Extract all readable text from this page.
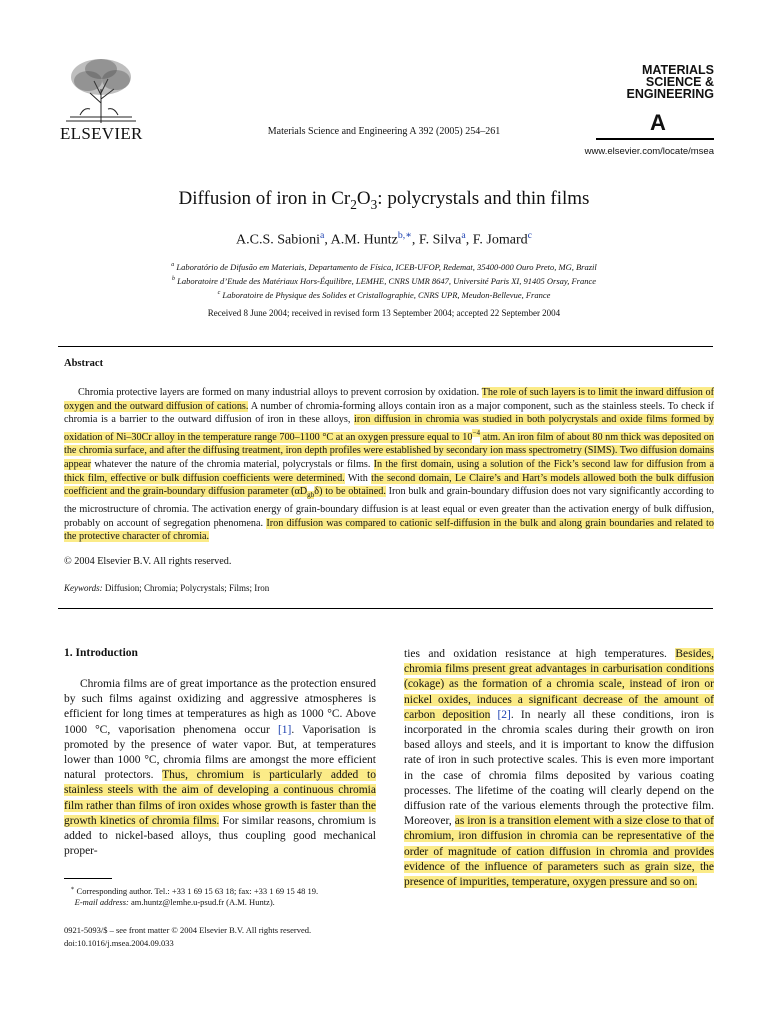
ELSEVIER	Materials Science and Engineering A 392 (2005) 254–261
MATERIALS
SCIENCE &
ENGINEERING
A
www.elsevier.com/locate/msea
Diffusion of iron in $Cr_2O_3$: polycrystals and thin films
A.C.S. Sabioni$^a$, A.M. Huntz$^{b,∗}$, F. Silva$^a$, F. Jomard$^c$
$^a$ Laboratório de Difusão em Materiais, Departamento de Física, ICEB-UFOP, Redemat, 35400-000 Ouro Preto, MG, Brazil
$^b$ Laboratoire d’Etude des Matériaux Hors-Équilibre, LEMHE, CNRS UMR 8647, Université Paris XI, 91405 Orsay, France
$^c$ Laboratoire de Physique des Solides et Cristallographie, CNRS UPR, Meudon-Bellevue, France
Received 8 June 2004; received in revised form 13 September 2004; accepted 22 September 2004
Abstract

Chromia protective layers are formed on many industrial alloys to prevent corrosion by oxidation. The role of such layers is to limit the inward diffusion of oxygen and the outward diffusion of cations. A number of chromia-forming alloys contain iron as a major component, such as the stainless steels. To check if chromia is a barrier to the outward diffusion of iron in these alloys, iron diffusion in chromia was studied in both polycrystals and oxide films formed by oxidation of Ni–30Cr alloy in the temperature range 700–1100 °C at an oxygen pressure equal to $10^{-4}$ atm. An iron film of about 80 nm thick was deposited on the chromia surface, and after the diffusing treatment, iron depth profiles were established by secondary ion mass spectrometry (SIMS). Two diffusion domains appear whatever the nature of the chromia material, polycrystals or films. In the first domain, using a solution of the Fick’s second law for diffusion from a thick film, effective or bulk diffusion coefficients were determined. With the second domain, Le Claire’s and Hart’s models allowed both the bulk diffusion coefficient and the grain-boundary diffusion parameter $(\alpha D_{gb}\delta)$ to be obtained. Iron bulk and grain-boundary diffusion does not vary significantly according to the microstructure of chromia. The activation energy of grain-boundary diffusion is at least equal or even greater than the activation energy of bulk diffusion, probably on account of segregation phenomena. Iron diffusion was compared to cationic self-diffusion in the bulk and along grain boundaries and related to the protective character of chromia.

© 2004 Elsevier B.V. All rights reserved.
Keywords: Diffusion; Chromia; Polycrystals; Films; Iron
1. Introduction

Chromia films are of great importance as the protection ensured by such films against oxidizing and aggressive atmospheres is efficient for long times at temperatures as high as 1000 °C. Above 1000 °C, vaporisation phenomena occur [1]. Vaporisation is promoted by the presence of water vapor. But, at temperatures lower than 1000 °C, chromia films are amongst the more efficient natural protectors. Thus, chromium is particularly added to stainless steels with the aim of developing a continuous chromia film rather than films of iron oxides whose growth is faster than the growth kinetics of chromia films. For similar reasons, chromium is added to nickel-based alloys, thus coupling good mechanical proper-

ties and oxidation resistance at high temperatures. Besides, chromia films present great advantages in carburisation conditions (cokage) as the formation of a chromia scale, instead of iron or nickel oxides, induces a significant decrease of the amount of carbon deposition [2]. In nearly all these conditions, iron is incorporated in the chromia scales during their growth on iron based alloys and steels, and it is important to know the diffusion rate of iron in such protective scales. This is even more important in the case of chromia films deposited by various coating processes. The lifetime of the coating will clearly depend on the diffusion rate of the various elements through the protective film. Moreover, as iron is a transition element with a size close to that of chromium, iron diffusion in chromia can be representative of the order of magnitude of cation diffusion in chromia and provides evidence of the influence of parameters such as grain size, the presence of impurities, temperature, oxygen pressure and so on.

∗ Corresponding author. Tel.: +33 1 69 15 63 18; fax: +33 1 69 15 48 19.
E-mail address: am.huntz@lemhe.u-psud.fr (A.M. Huntz).
0921-5093/$ – see front matter © 2004 Elsevier B.V. All rights reserved.
doi:10.1016/j.msea.2004.09.033
